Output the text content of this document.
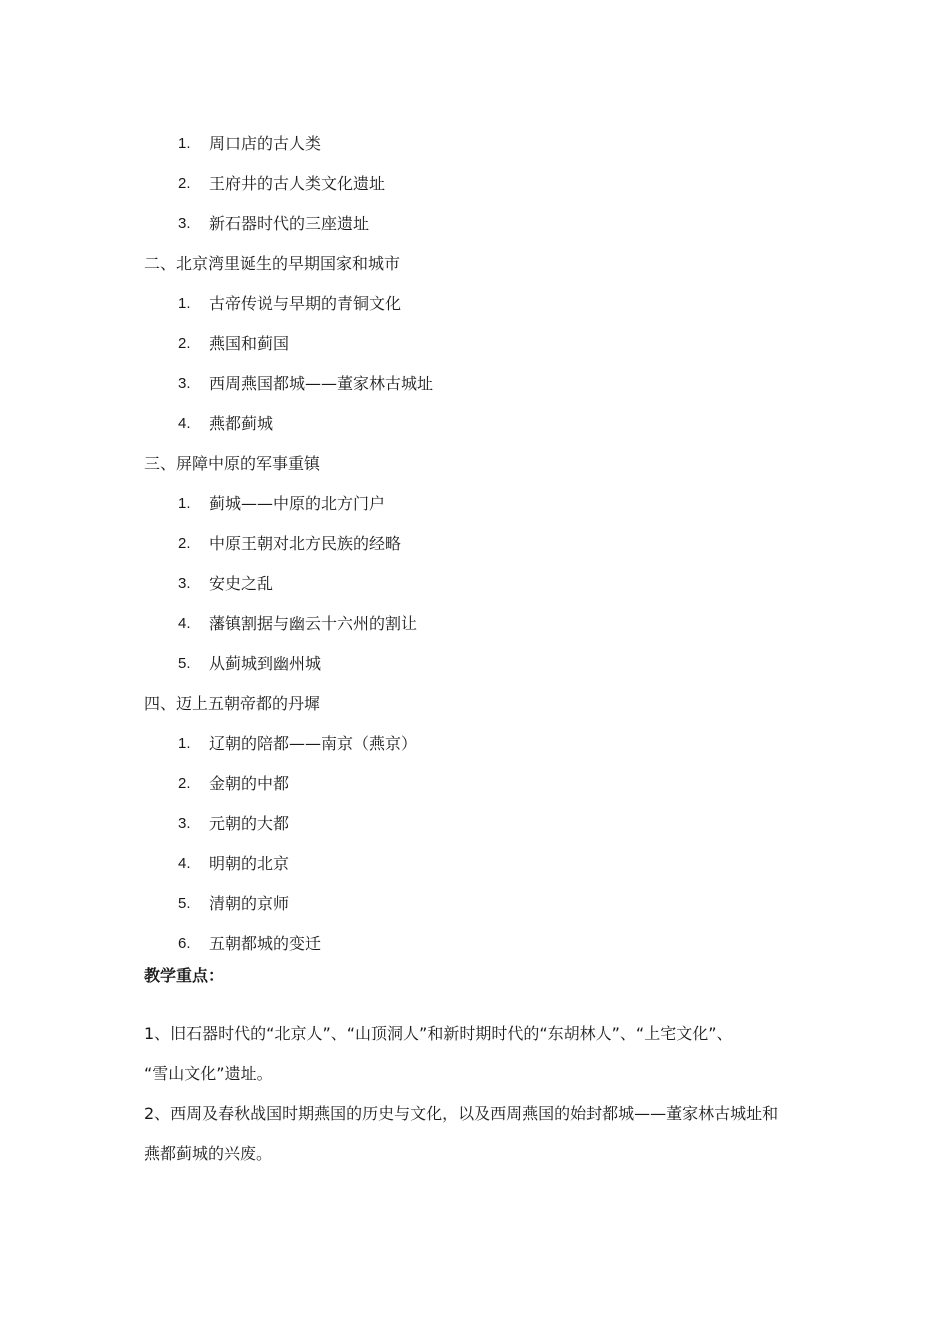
1.	周口店的古人类
2.	王府井的古人类文化遗址
3.	新石器时代的三座遗址
二、北京湾里诞生的早期国家和城市
1.	古帝传说与早期的青铜文化
2.	燕国和蓟国
3.	西周燕国都城——董家林古城址
4.	燕都蓟城
三、屏障中原的军事重镇
1.	蓟城——中原的北方门户
2.	中原王朝对北方民族的经略
3.	安史之乱
4.	藩镇割据与幽云十六州的割让
5.	从蓟城到幽州城
四、迈上五朝帝都的丹墀
1.	辽朝的陪都——南京（燕京）
2.	金朝的中都
3.	元朝的大都
4.	明朝的北京
5.	清朝的京师
6.	五朝都城的变迁
教学重点：
1、旧石器时代的“北京人”、“山顶洞人”和新时期时代的“东胡林人”、“上宅文化”、
“雪山文化”遗址。
2、西周及春秋战国时期燕国的历史与文化，以及西周燕国的始封都城——董家林古城址和
燕都蓟城的兴废。
